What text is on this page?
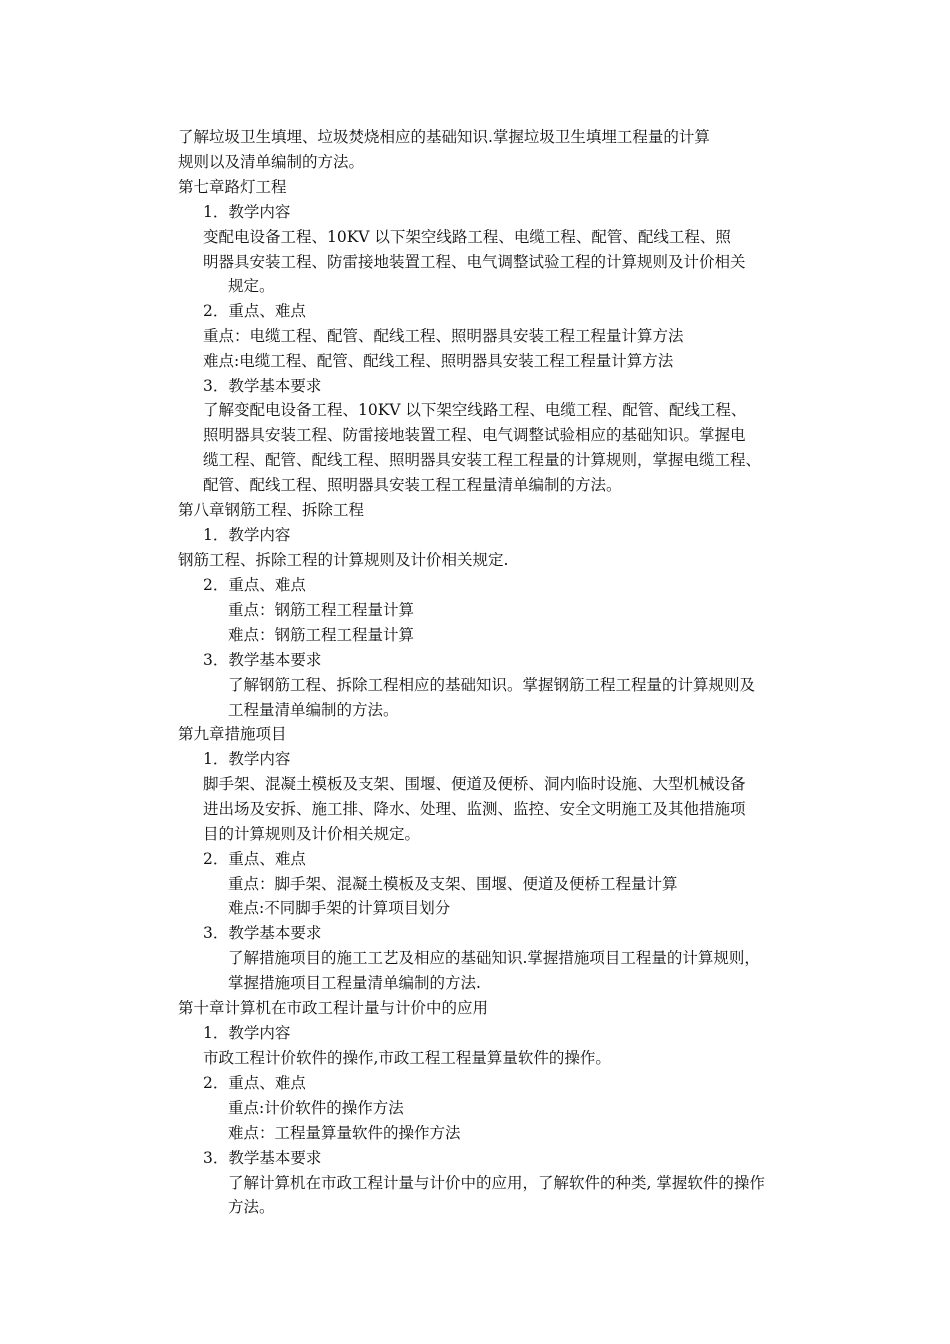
了解垃圾卫生填埋、垃圾焚烧相应的基础知识.掌握垃圾卫生填埋工程量的计算
规则以及清单编制的方法。
第七章路灯工程
1．教学内容
变配电设备工程、10KV 以下架空线路工程、电缆工程、配管、配线工程、照
明器具安装工程、防雷接地装置工程、电气调整试验工程的计算规则及计价相关
规定。
2．重点、难点
重点：电缆工程、配管、配线工程、照明器具安装工程工程量计算方法
难点:电缆工程、配管、配线工程、照明器具安装工程工程量计算方法
3．教学基本要求
了解变配电设备工程、10KV 以下架空线路工程、电缆工程、配管、配线工程、
照明器具安装工程、防雷接地装置工程、电气调整试验相应的基础知识。掌握电
缆工程、配管、配线工程、照明器具安装工程工程量的计算规则，掌握电缆工程、
配管、配线工程、照明器具安装工程工程量清单编制的方法。
第八章钢筋工程、拆除工程
1．教学内容
钢筋工程、拆除工程的计算规则及计价相关规定.
2．重点、难点
重点：钢筋工程工程量计算
难点：钢筋工程工程量计算
3．教学基本要求
了解钢筋工程、拆除工程相应的基础知识。掌握钢筋工程工程量的计算规则及
工程量清单编制的方法。
第九章措施项目
1．教学内容
脚手架、混凝土模板及支架、围堰、便道及便桥、洞内临时设施、大型机械设备
进出场及安拆、施工排、降水、处理、监测、监控、安全文明施工及其他措施项
目的计算规则及计价相关规定。
2．重点、难点
重点：脚手架、混凝土模板及支架、围堰、便道及便桥工程量计算
难点:不同脚手架的计算项目划分
3．教学基本要求
了解措施项目的施工工艺及相应的基础知识.掌握措施项目工程量的计算规则，
掌握措施项目工程量清单编制的方法.
第十章计算机在市政工程计量与计价中的应用
1．教学内容
市政工程计价软件的操作,市政工程工程量算量软件的操作。
2．重点、难点
重点:计价软件的操作方法
难点：工程量算量软件的操作方法
3．教学基本要求
了解计算机在市政工程计量与计价中的应用，了解软件的种类, 掌握软件的操作
方法。
